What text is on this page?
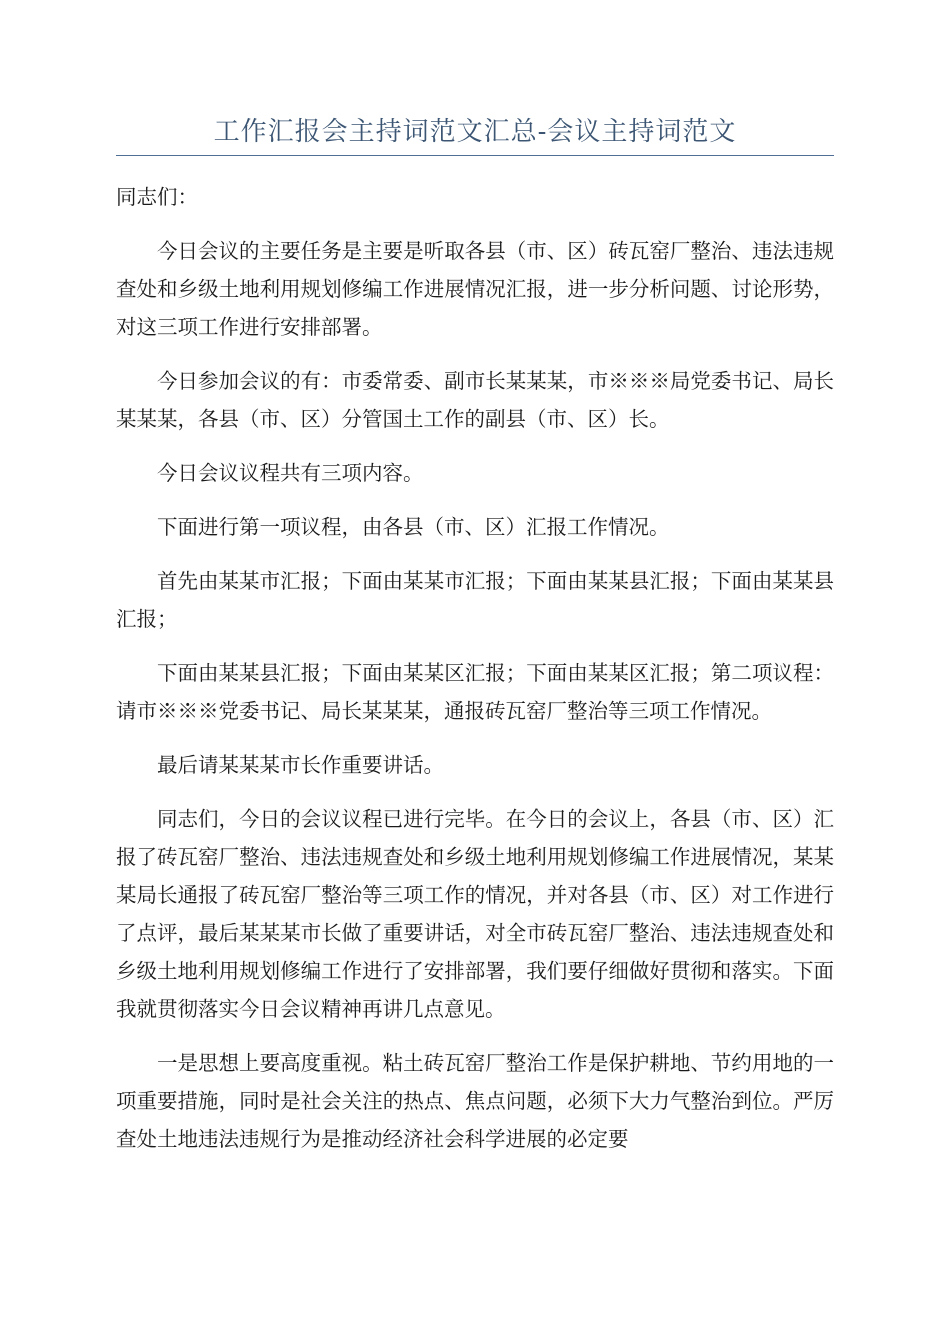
工作汇报会主持词范文汇总-会议主持词范文

同志们：

今日会议的主要任务是主要是听取各县（市、区）砖瓦窑厂整治、违法违规查处和乡级土地利用规划修编工作进展情况汇报，进一步分析问题、讨论形势，对这三项工作进行安排部署。

今日参加会议的有：市委常委、副市长某某某，市※※※局党委书记、局长某某某，各县（市、区）分管国土工作的副县（市、区）长。

今日会议议程共有三项内容。

下面进行第一项议程，由各县（市、区）汇报工作情况。

首先由某某市汇报；下面由某某市汇报；下面由某某县汇报；下面由某某县汇报；

下面由某某县汇报；下面由某某区汇报；下面由某某区汇报；第二项议程：请市※※※党委书记、局长某某某，通报砖瓦窑厂整治等三项工作情况。

最后请某某某市长作重要讲话。

同志们，今日的会议议程已进行完毕。在今日的会议上，各县（市、区）汇报了砖瓦窑厂整治、违法违规查处和乡级土地利用规划修编工作进展情况，某某某局长通报了砖瓦窑厂整治等三项工作的情况，并对各县（市、区）对工作进行了点评，最后某某某市长做了重要讲话，对全市砖瓦窑厂整治、违法违规查处和乡级土地利用规划修编工作进行了安排部署，我们要仔细做好贯彻和落实。下面我就贯彻落实今日会议精神再讲几点意见。

一是思想上要高度重视。粘土砖瓦窑厂整治工作是保护耕地、节约用地的一项重要措施，同时是社会关注的热点、焦点问题，必须下大力气整治到位。严厉查处土地违法违规行为是推动经济社会科学进展的必定要
